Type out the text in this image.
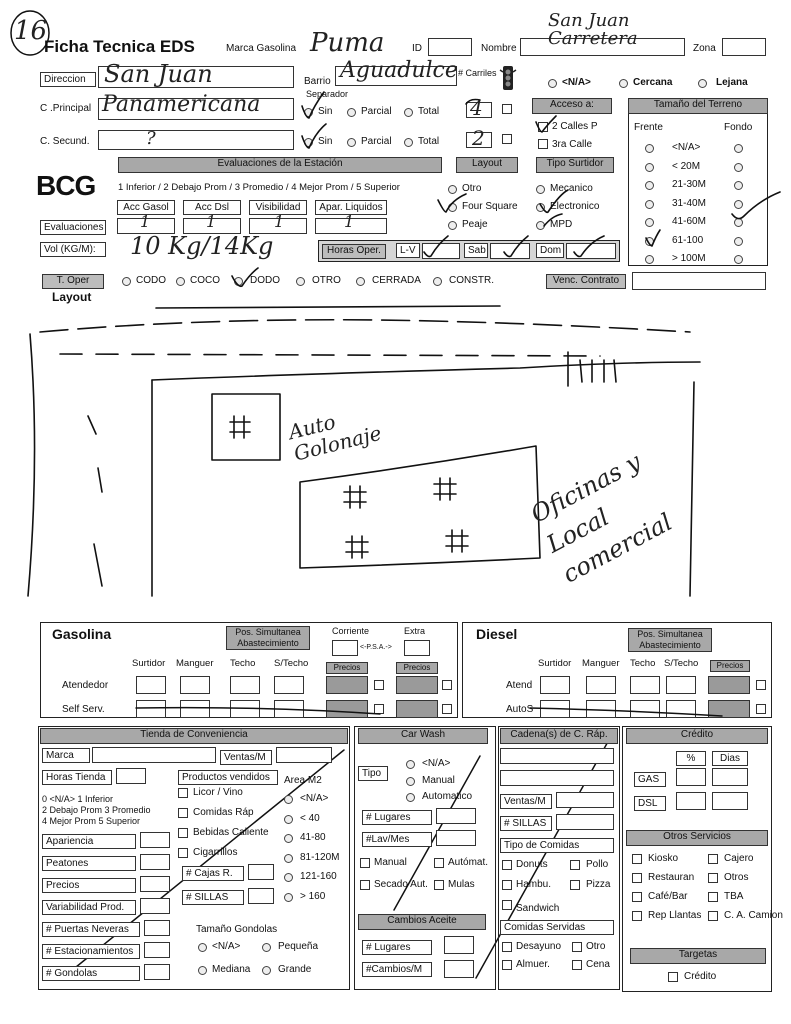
16
Ficha Tecnica EDS	Marca Gasolina Puma	ID	Nombre
San Juan Carretera	Zona
Direccion San Juan	Barrio Aguadulce # Carriles
<N/A>	Cercana	Lejana
Separador
C .Principal Panamericana	Sin	Parcial	Total 4
C. Secund.	?	Sin	Parcial	Total 2
Acceso a:
2 Calles P
3ra Calle
Tamaño del Terreno
Frente	Fondo
<N/A>
< 20M
21-30M
31-40M
41-60M
61-100
> 100M
Evaluaciones de la Estación
BCG 1 Inferior / 2 Debajo Prom / 3 Promedio / 4 Mejor Prom / 5 Superior
Acc Gasol	Acc Dsl	Visibilidad	Apar. Liquidos
Evaluaciones 1	1	1	1
Vol (KG/M):	10 Kg/14Kg	Horas Oper.	L-V	Sab	Dom
Layout
Otro
Four Square
Peaje
Tipo Surtidor
Mecanico
Electronico
MPD
T. Oper	CODO COCO	DODO	OTRO	CERRADA	CONSTR.	Venc. Contrato
Layout
Auto Golonaje
Oficinas y Local comercial
Gasolina	Pos. Simultanea Abastecimiento
Corriente	Extra
<-P.S.A.->
Surtidor Manguer Techo S/Techo	Precios	Precios
Atendedor
Self Serv.
Diesel	Pos. Simultanea Abastecimiento
Surtidor Manguer Techo S/Techo	Precios
Atend
AutoS
Tienda de Conveniencia
Marca	Ventas/M
Horas Tienda	Productos vendidos	Area M2
0 <N/A> 1 Inferior
2 Debajo Prom 3 Promedio
4 Mejor Prom 5 Superior
Apariencia
Peatones
Precios
Variabilidad Prod.
Licor / Vino
Comidas Ráp
Bebidas Caliente
Cigarrillos
<N/A>
< 40
41-80
81-120M
121-160
> 160
# Cajas R.
# SILLAS
# Puertas Neveras
# Estacionamientos
# Gondolas
Tamaño Gondolas
<N/A>	Pequeña
Mediana	Grande
Car Wash
Tipo
<N/A>
Manual
Automatico
# Lugares
#Lav/Mes
Manual	Autómat.
Secado Aut. Mulas
Cambios Aceite
# Lugares
#Cambios/M
Cadena(s) de C. Ráp.
Ventas/M
# SILLAS
Tipo de Comidas
Donuts	Pollo
Hambu.	Pizza
Sandwich
Comidas Servidas
Desayuno Otro
Almuer.	Cena
Crédito
%	Dias
GAS
DSL
Otros Servicios
Kiosko	Cajero
Restauran	Otros
Café/Bar	TBA
Rep Llantas C. A. Camion
Targetas
Crédito
